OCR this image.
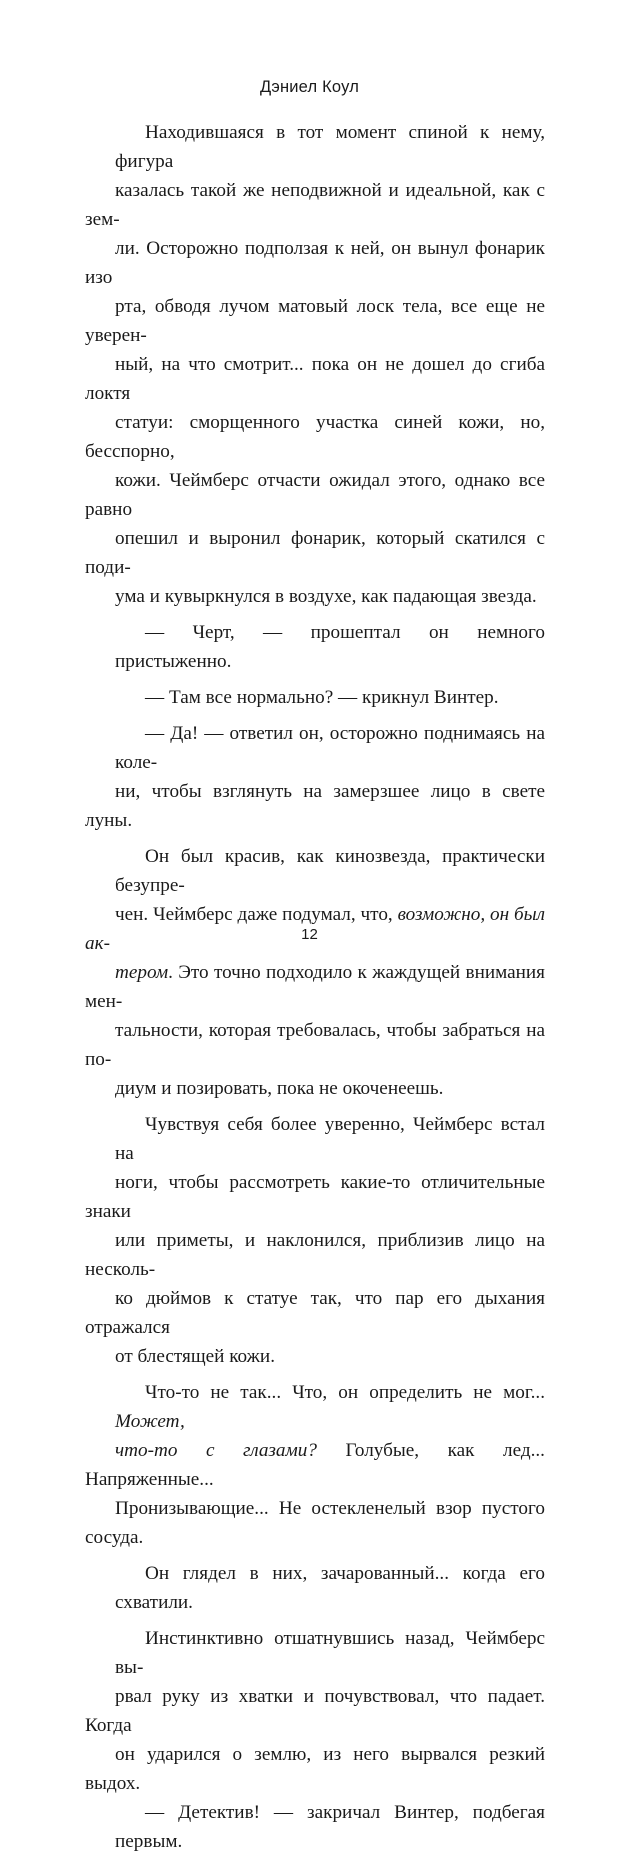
Дэниел Коул

Находившаяся в тот момент спиной к нему, фигура
казалась такой же неподвижной и идеальной, как с зем-
ли. Осторожно подползая к ней, он вынул фонарик изо
рта, обводя лучом матовый лоск тела, все еще не уверен-
ный, на что смотрит... пока он не дошел до сгиба локтя
статуи: сморщенного участка синей кожи, но, бесспорно,
кожи. Чеймберс отчасти ожидал этого, однако все равно
опешил и выронил фонарик, который скатился с поди-
ума и кувыркнулся в воздухе, как падающая звезда.

— Черт, — прошептал он немного пристыженно.

— Там все нормально? — крикнул Винтер.

— Да! — ответил он, осторожно поднимаясь на коле-
ни, чтобы взглянуть на замерзшее лицо в свете луны.

Он был красив, как кинозвезда, практически безупре-
чен. Чеймберс даже подумал, что, возможно, он был ак-
тером. Это точно подходило к жаждущей внимания мен-
тальности, которая требовалась, чтобы забраться на по-
диум и позировать, пока не окоченеешь.

Чувствуя себя более уверенно, Чеймберс встал на
ноги, чтобы рассмотреть какие-то отличительные знаки
или приметы, и наклонился, приблизив лицо на несколь-
ко дюймов к статуе так, что пар его дыхания отражался
от блестящей кожи.

Что-то не так... Что, он определить не мог... Может,
что-то с глазами? Голубые, как лед... Напряженные...
Пронизывающие... Не остекленелый взор пустого сосуда.

Он глядел в них, зачарованный... когда его схватили.

Инстинктивно отшатнувшись назад, Чеймберс вы-
рвал руку из хватки и почувствовал, что падает. Когда
он ударился о землю, из него вырвался резкий выдох.

— Детектив! — закричал Винтер, подбегая первым.

12
